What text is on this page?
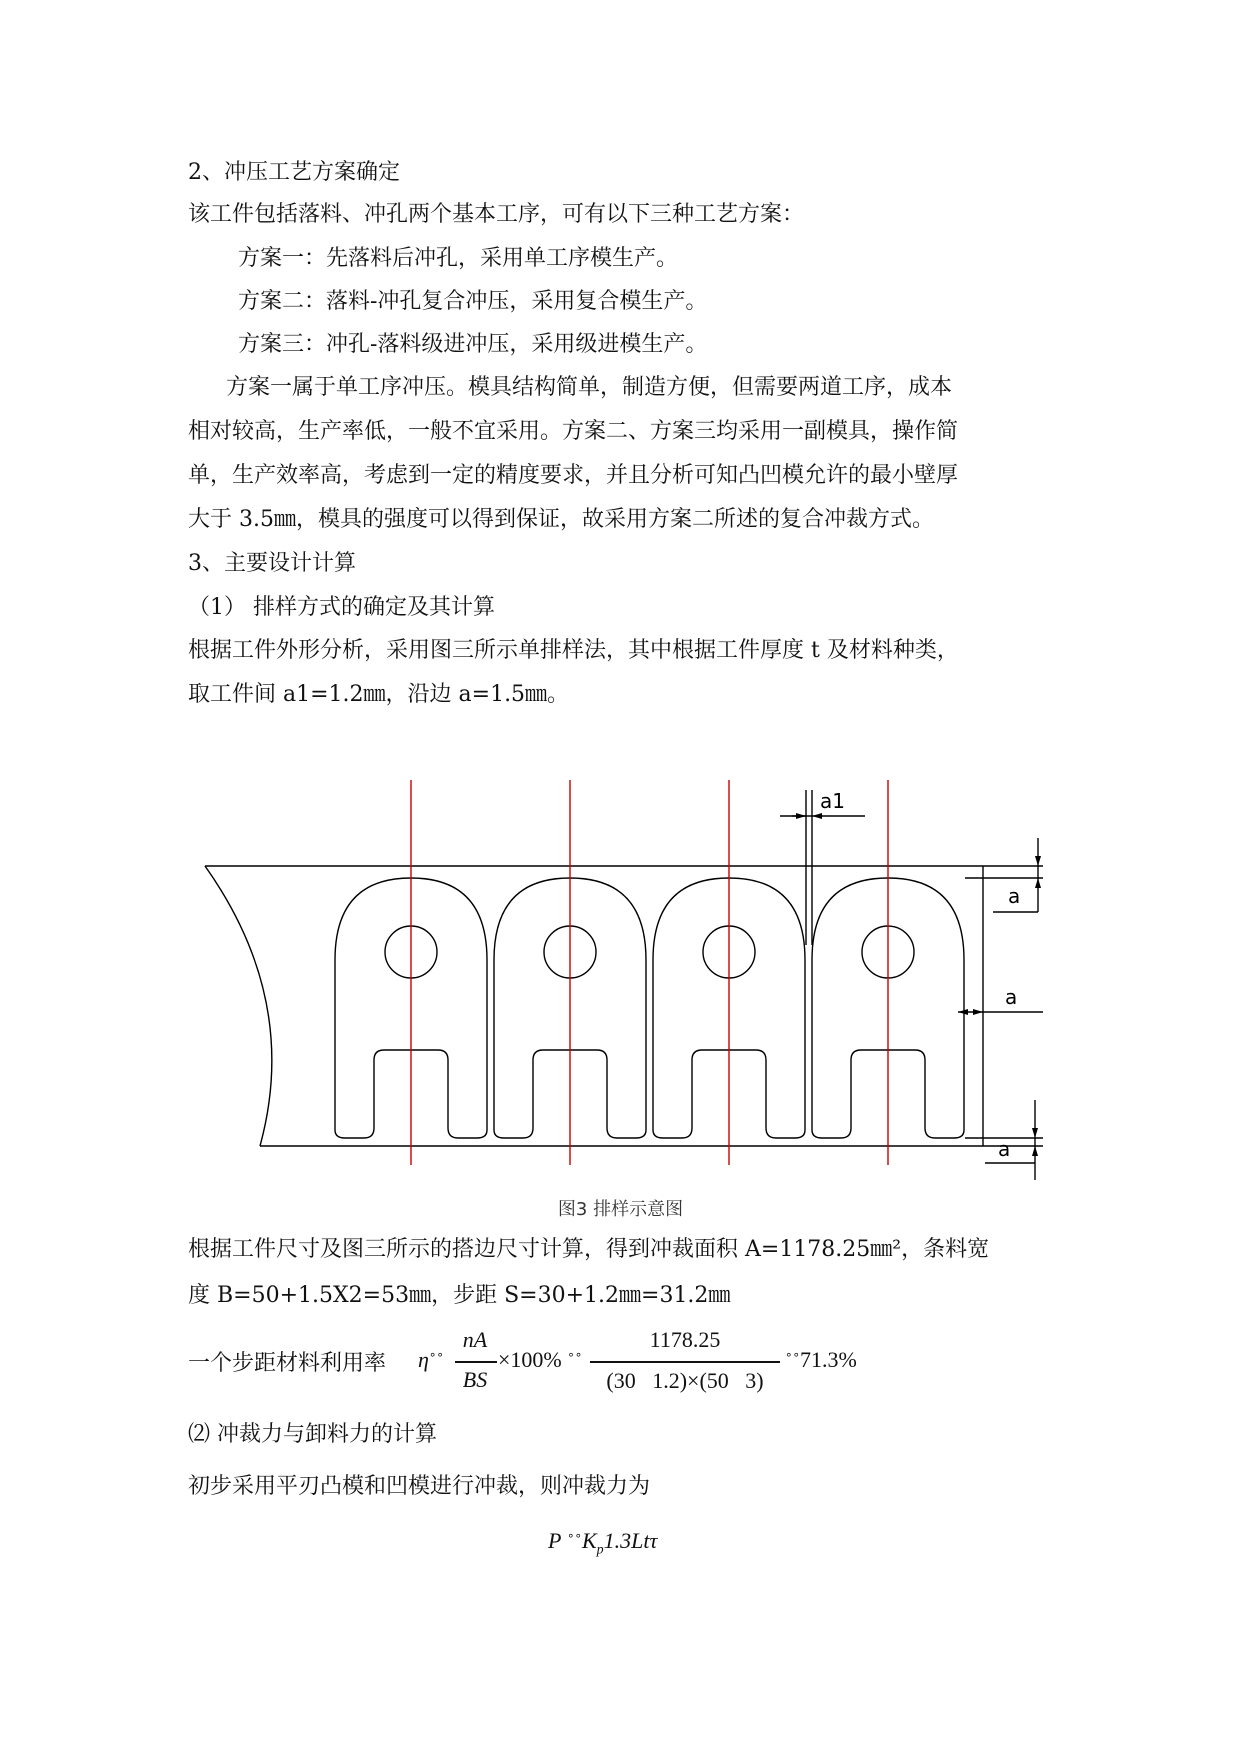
2、冲压工艺方案确定
该工件包括落料、冲孔两个基本工序，可有以下三种工艺方案：
方案一：先落料后冲孔，采用单工序模生产。
方案二：落料-冲孔复合冲压，采用复合模生产。
方案三：冲孔-落料级进冲压，采用级进模生产。
方案一属于单工序冲压。模具结构简单，制造方便，但需要两道工序，成本
相对较高，生产率低，一般不宜采用。方案二、方案三均采用一副模具，操作简
单，生产效率高，考虑到一定的精度要求，并且分析可知凸凹模允许的最小壁厚
大于 3.5㎜，模具的强度可以得到保证，故采用方案二所述的复合冲裁方式。
3、主要设计计算
（1） 排样方式的确定及其计算
根据工件外形分析，采用图三所示单排样法，其中根据工件厚度 t 及材料种类，
取工件间 a1=1.2㎜，沿边 a=1.5㎜。
a1
a
a
a
图3 排样示意图
根据工件尺寸及图三所示的搭边尺寸计算，得到冲裁面积 A=1178.25㎜²，条料宽
度 B=50+1.5X2=53㎜，步距 S=30+1.2㎜=31.2㎜
一个步距材料利用率 η∘∘
nA
BS
×100% ∘∘
1178.25
(30   1.2)×(50   3)
∘∘71.3%
⑵ 冲裁力与卸料力的计算
初步采用平刃凸模和凹模进行冲裁，则冲裁力为
P $^{\circ\circ}K_p1.3Lt\tau$
